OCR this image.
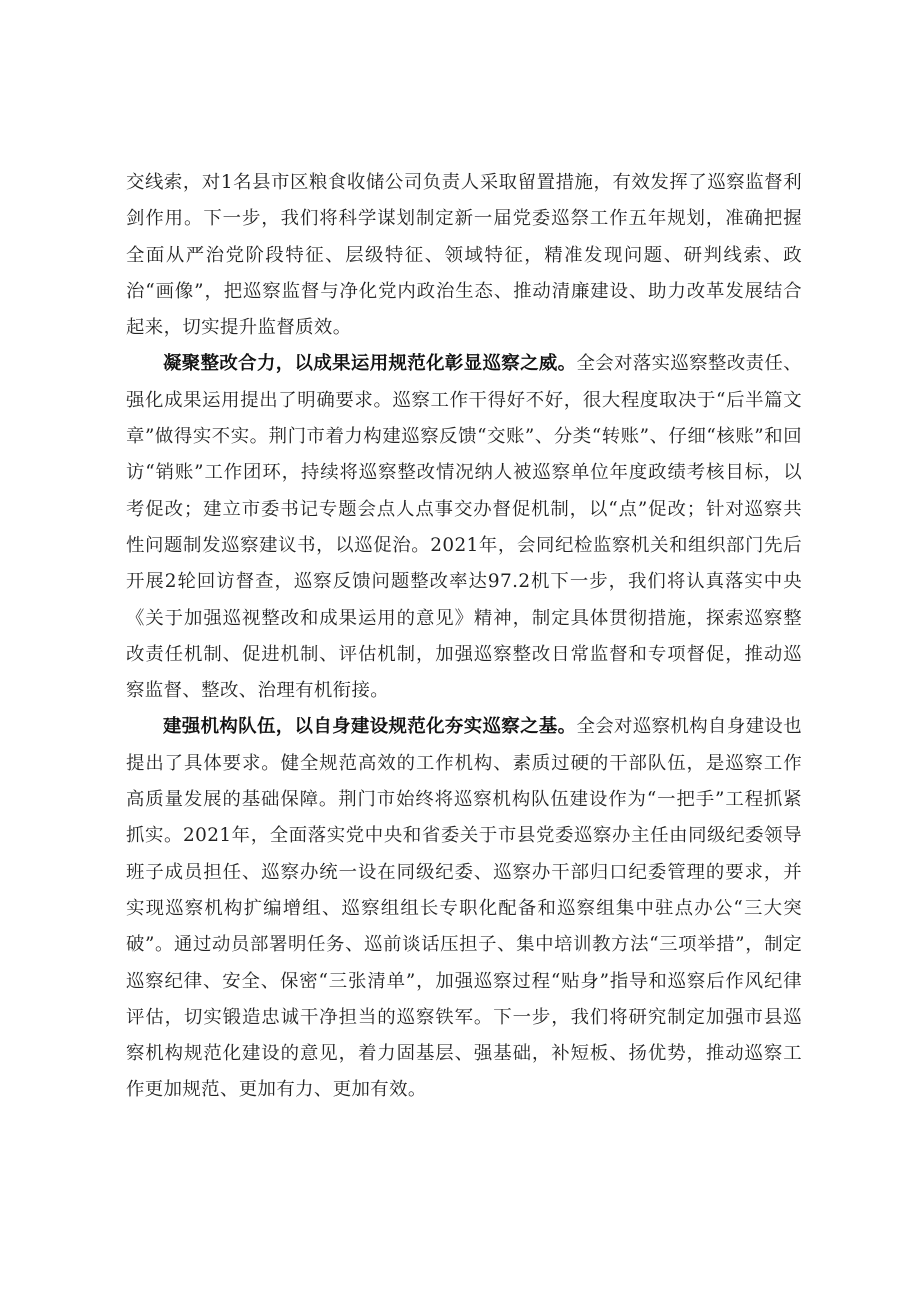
交线索，对1名县市区粮食收储公司负责人采取留置措施，有效发挥了巡察监督利剑作用。下一步，我们将科学谋划制定新一届党委巡祭工作五年规划，准确把握全面从严治党阶段特征、层级特征、领域特征，精准发现问题、研判线索、政治“画像”，把巡察监督与净化党内政治生态、推动清廉建设、助力改革发展结合起来，切实提升监督质效。

凝聚整改合力，以成果运用规范化彰显巡察之威。全会对落实巡察整改责任、强化成果运用提出了明确要求。巡察工作干得好不好，很大程度取决于“后半篇文章”做得实不实。荆门市着力构建巡察反馈“交账”、分类“转账”、仔细“核账”和回访“销账”工作团环，持续将巡察整改情况纳人被巡察单位年度政绩考核目标，以考促改；建立市委书记专题会点人点事交办督促机制，以“点”促改；针对巡察共性问题制发巡察建议书，以巡促治。2021年，会同纪检监察机关和组织部门先后开展2轮回访督查，巡察反馈问题整改率达97.2机下一步，我们将认真落实中央《关于加强巡视整改和成果运用的意见》精神，制定具体贯彻措施，探索巡察整改责任机制、促进机制、评估机制，加强巡察整改日常监督和专项督促，推动巡察监督、整改、治理有机衔接。

建强机构队伍，以自身建设规范化夯实巡察之基。全会对巡察机构自身建设也提出了具体要求。健全规范高效的工作机构、素质过硬的干部队伍，是巡察工作高质量发展的基础保障。荆门市始终将巡察机构队伍建设作为“一把手”工程抓紧抓实。2021年，全面落实党中央和省委关于市县党委巡察办主任由同级纪委领导班子成员担任、巡察办统一设在同级纪委、巡察办干部归口纪委管理的要求，并实现巡察机构扩编增组、巡察组组长专职化配备和巡察组集中驻点办公“三大突破”。通过动员部署明任务、巡前谈话压担子、集中培训教方法“三项举措”，制定巡察纪律、安全、保密“三张清单”，加强巡察过程“贴身”指导和巡察后作风纪律评估，切实锻造忠诚干净担当的巡察铁军。下一步，我们将研究制定加强市县巡察机构规范化建设的意见，着力固基层、强基础，补短板、扬优势，推动巡察工作更加规范、更加有力、更加有效。
